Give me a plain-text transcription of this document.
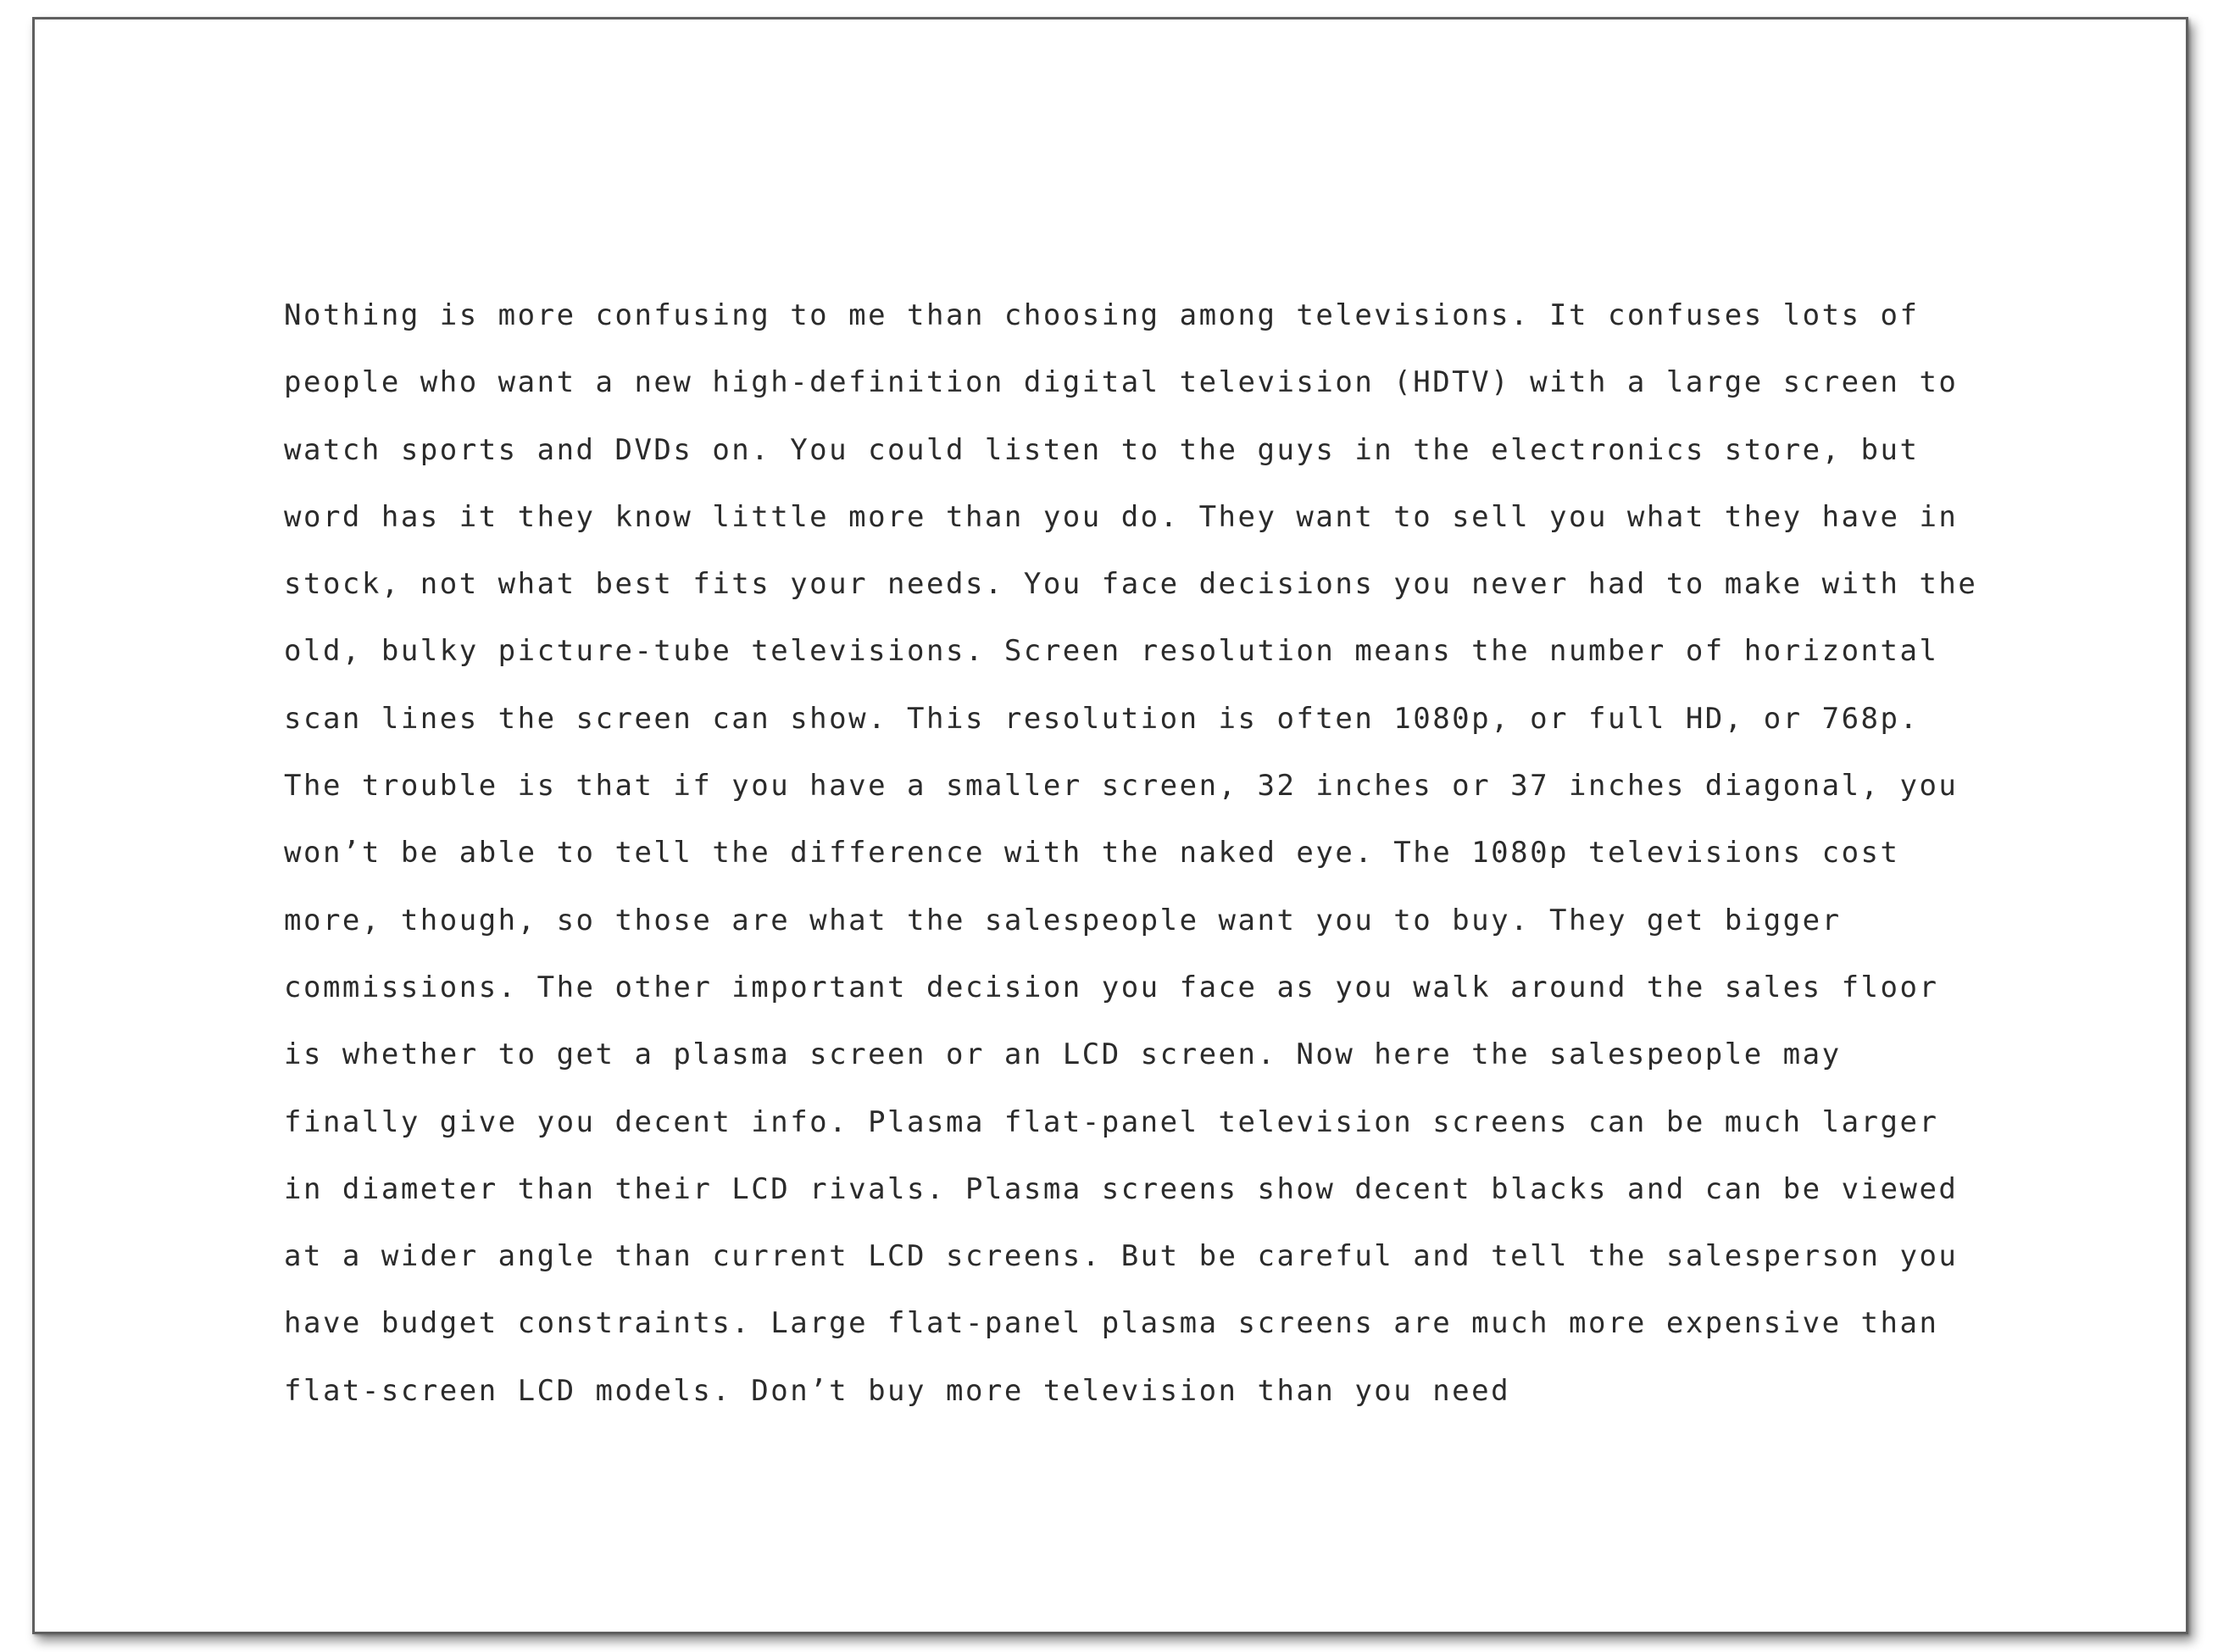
Nothing is more confusing to me than choosing among televisions. It confuses lots of
people who want a new high-definition digital television (HDTV) with a large screen to
watch sports and DVDs on. You could listen to the guys in the electronics store, but
word has it they know little more than you do. They want to sell you what they have in
stock, not what best fits your needs. You face decisions you never had to make with the
old, bulky picture-tube televisions. Screen resolution means the number of horizontal
scan lines the screen can show. This resolution is often 1080p, or full HD, or 768p.
The trouble is that if you have a smaller screen, 32 inches or 37 inches diagonal, you
won’t be able to tell the difference with the naked eye. The 1080p televisions cost
more, though, so those are what the salespeople want you to buy. They get bigger
commissions. The other important decision you face as you walk around the sales floor
is whether to get a plasma screen or an LCD screen. Now here the salespeople may
finally give you decent info. Plasma flat-panel television screens can be much larger
in diameter than their LCD rivals. Plasma screens show decent blacks and can be viewed
at a wider angle than current LCD screens. But be careful and tell the salesperson you
have budget constraints. Large flat-panel plasma screens are much more expensive than
flat-screen LCD models. Don’t buy more television than you need
